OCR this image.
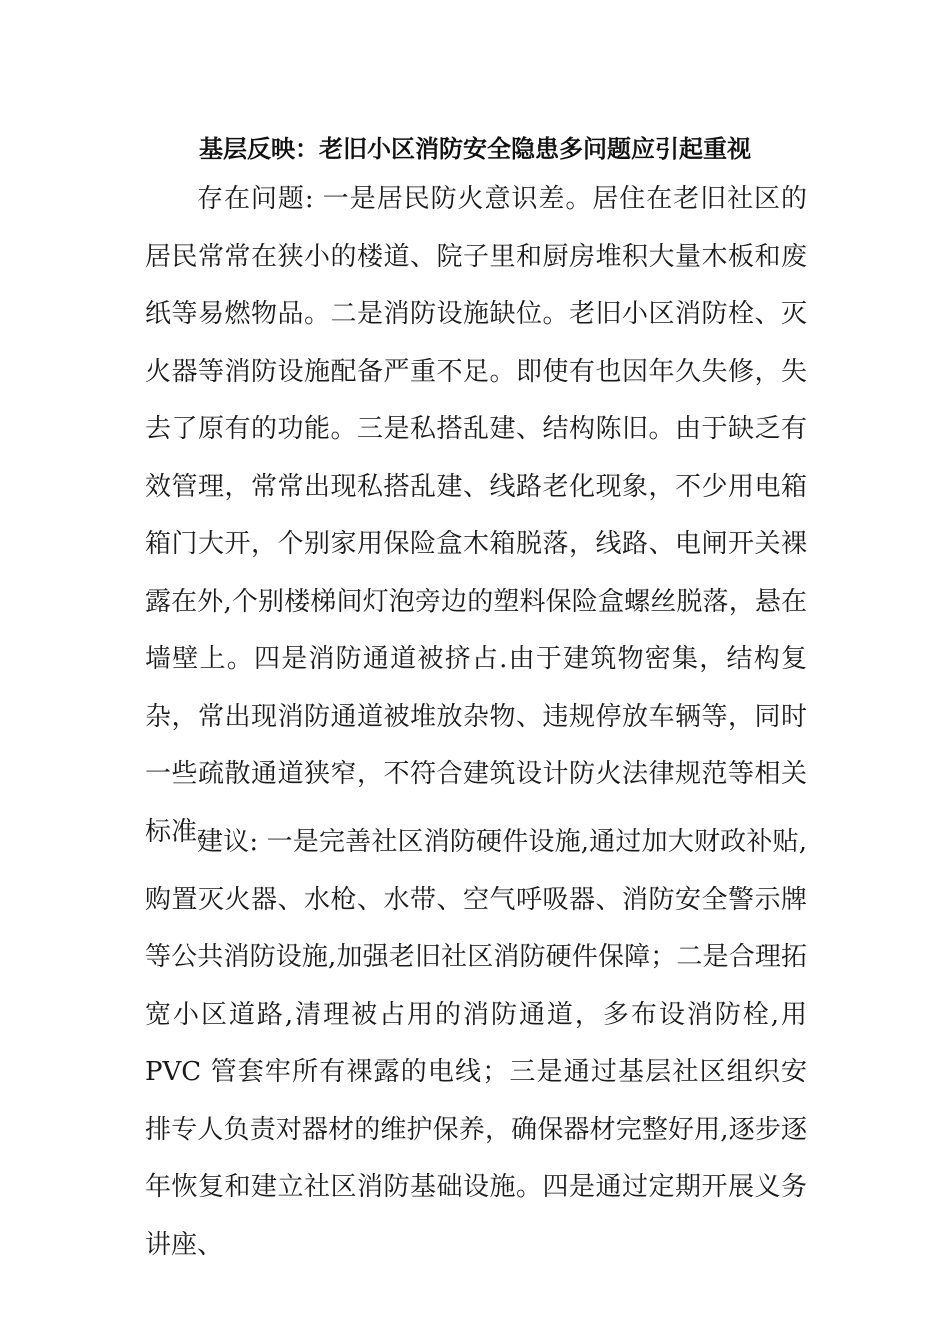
基层反映：老旧小区消防安全隐患多问题应引起重视

存在问题: 一是居民防火意识差。居住在老旧社区的居民常常在狭小的楼道、院子里和厨房堆积大量木板和废纸等易燃物品。二是消防设施缺位。老旧小区消防栓、灭火器等消防设施配备严重不足。即使有也因年久失修，失去了原有的功能。三是私搭乱建、结构陈旧。由于缺乏有效管理，常常出现私搭乱建、线路老化现象，不少用电箱箱门大开，个别家用保险盒木箱脱落，线路、电闸开关裸露在外,个别楼梯间灯泡旁边的塑料保险盒螺丝脱落，悬在墙壁上。四是消防通道被挤占.由于建筑物密集，结构复杂，常出现消防通道被堆放杂物、违规停放车辆等，同时一些疏散通道狭窄，不符合建筑设计防火法律规范等相关标准。

建议: 一是完善社区消防硬件设施,通过加大财政补贴,购置灭火器、水枪、水带、空气呼吸器、消防安全警示牌等公共消防设施,加强老旧社区消防硬件保障；二是合理拓宽小区道路,清理被占用的消防通道，多布设消防栓,用 PVC 管套牢所有裸露的电线；三是通过基层社区组织安排专人负责对器材的维护保养，确保器材完整好用,逐步逐年恢复和建立社区消防基础设施。四是通过定期开展义务讲座、
